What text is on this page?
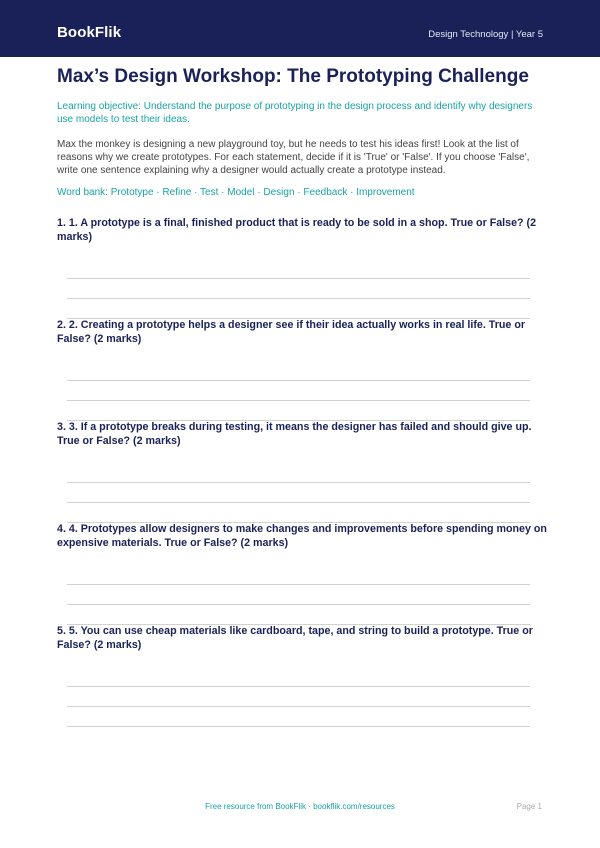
BookFlik	Design Technology | Year 5
Max’s Design Workshop: The Prototyping Challenge
Learning objective: Understand the purpose of prototyping in the design process and identify why designers use models to test their ideas.
Max the monkey is designing a new playground toy, but he needs to test his ideas first! Look at the list of reasons why we create prototypes. For each statement, decide if it is 'True' or 'False'. If you choose 'False', write one sentence explaining why a designer would actually create a prototype instead.
Word bank: Prototype · Refine · Test · Model · Design · Feedback · Improvement
1. 1. A prototype is a final, finished product that is ready to be sold in a shop. True or False? (2 marks)
2. 2. Creating a prototype helps a designer see if their idea actually works in real life. True or False? (2 marks)
3. 3. If a prototype breaks during testing, it means the designer has failed and should give up. True or False? (2 marks)
4. 4. Prototypes allow designers to make changes and improvements before spending money on expensive materials. True or False? (2 marks)
5. 5. You can use cheap materials like cardboard, tape, and string to build a prototype. True or False? (2 marks)
Free resource from BookFlik · bookflik.com/resources	Page 1
